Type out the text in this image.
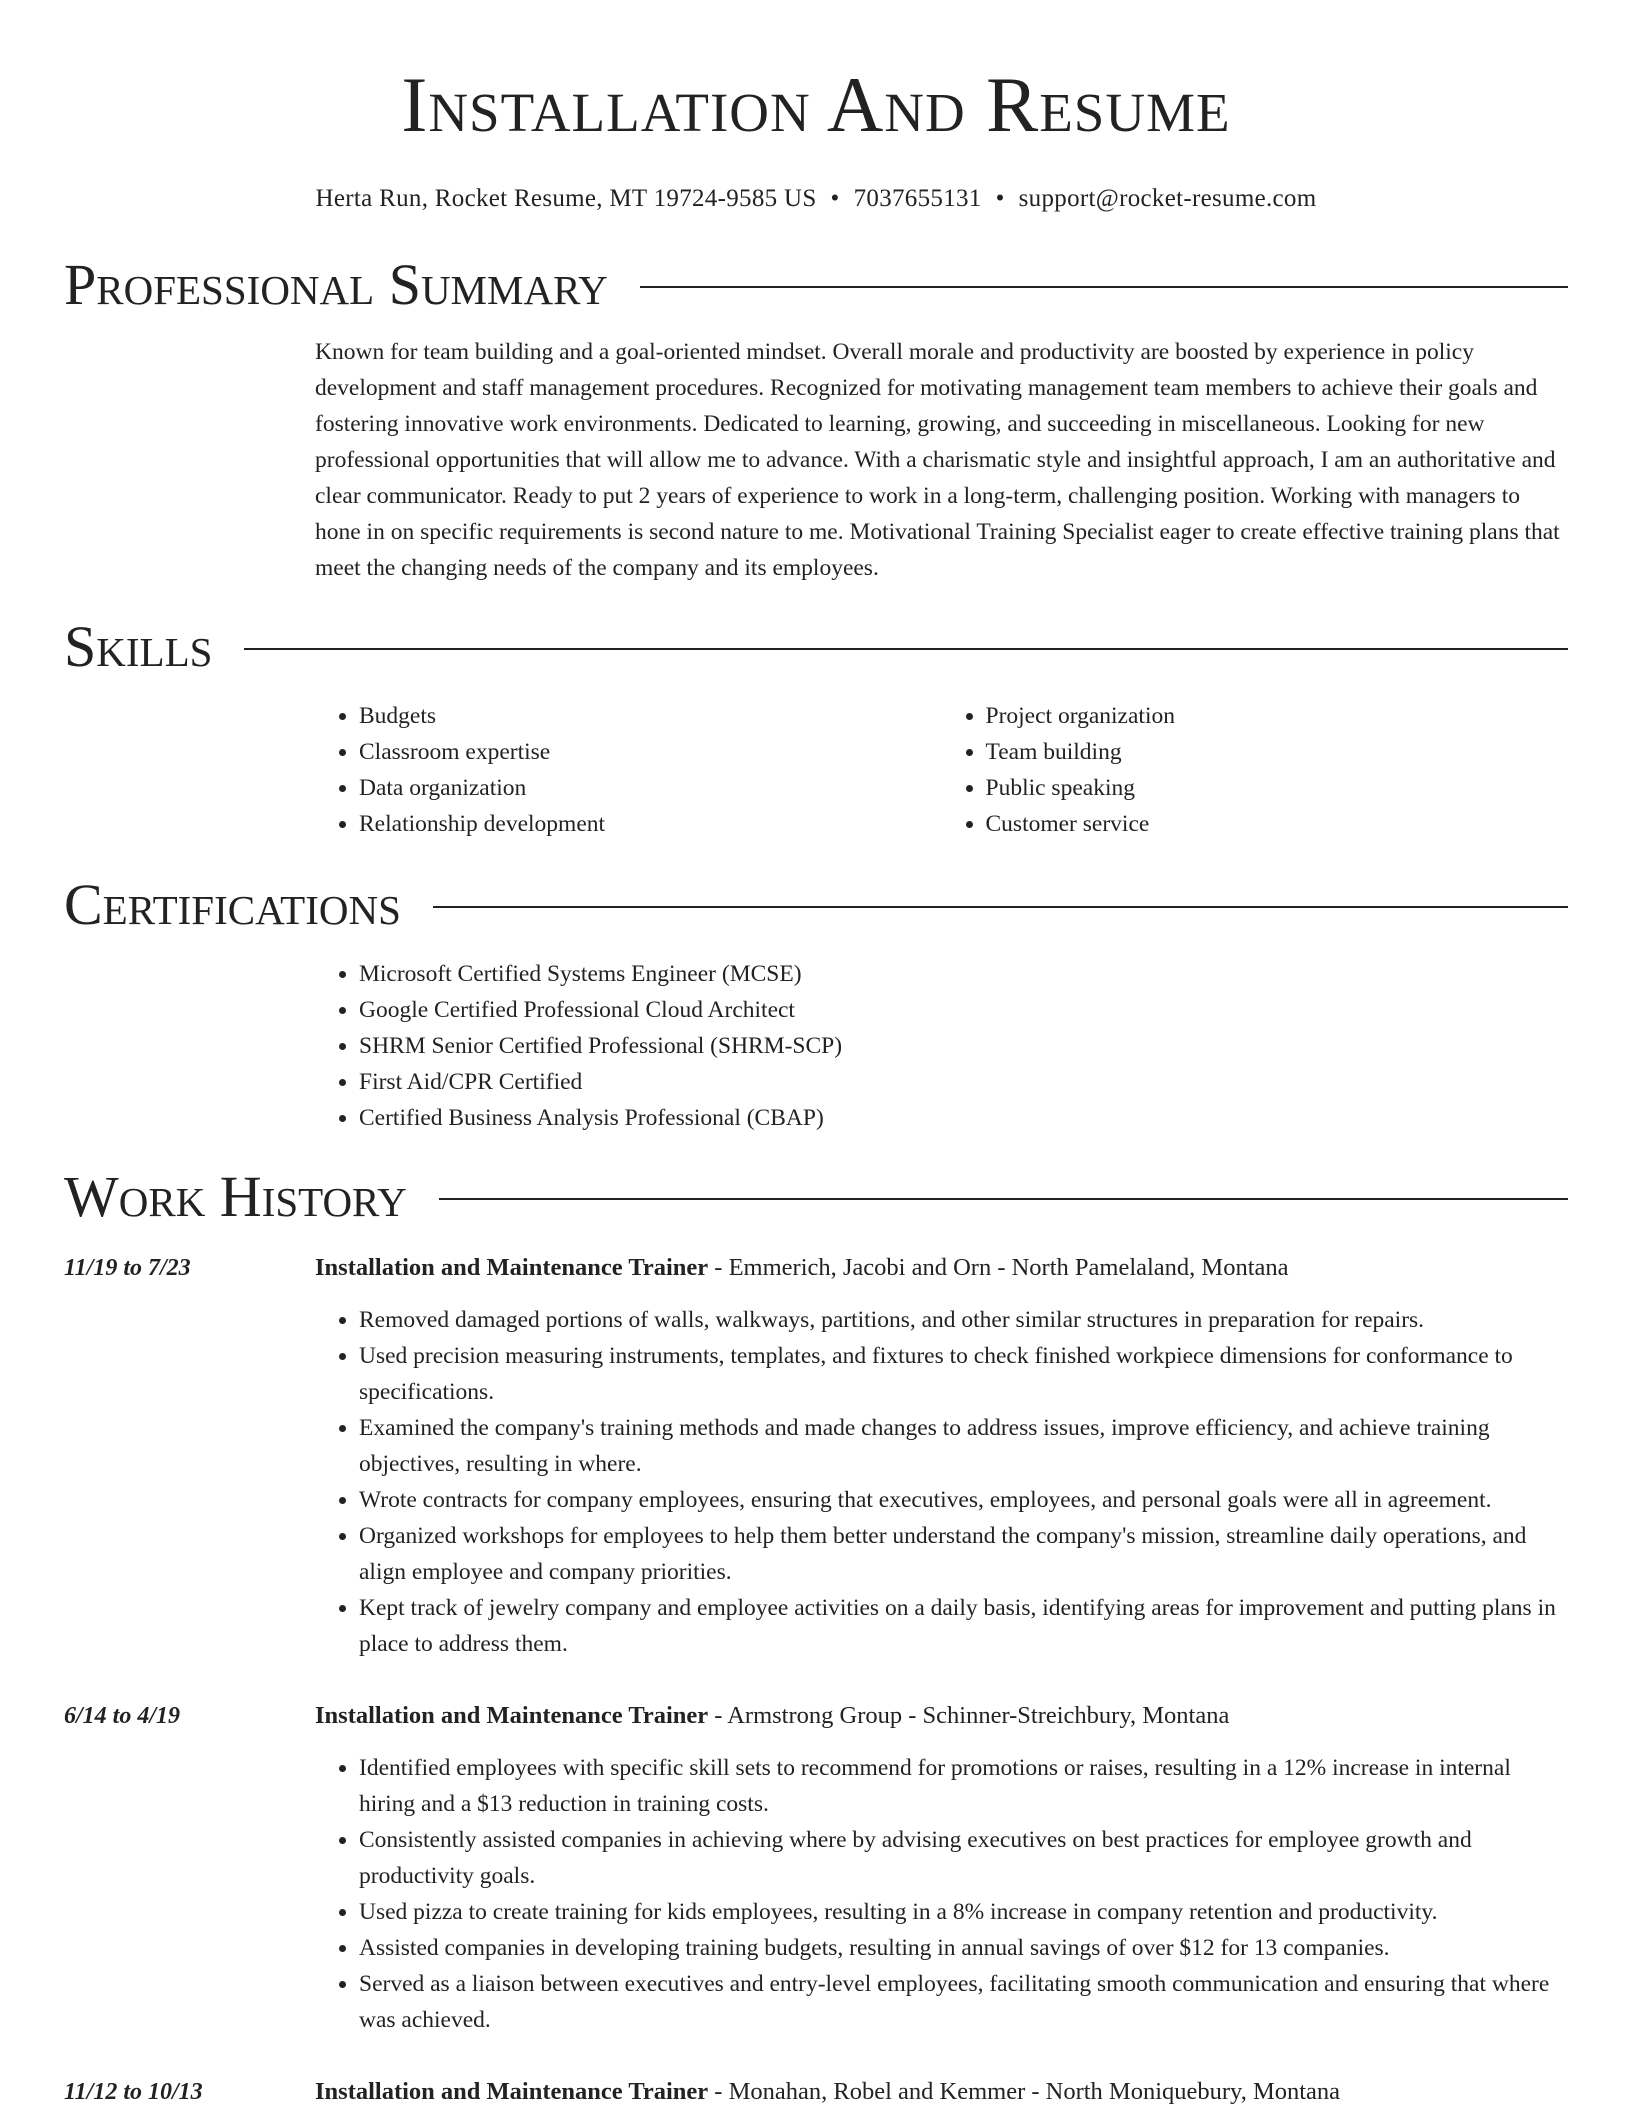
Installation And Resume
Herta Run, Rocket Resume, MT 19724-9585 US • 7037655131 • support@rocket-resume.com
Professional Summary
Known for team building and a goal-oriented mindset. Overall morale and productivity are boosted by experience in policy development and staff management procedures. Recognized for motivating management team members to achieve their goals and fostering innovative work environments. Dedicated to learning, growing, and succeeding in miscellaneous. Looking for new professional opportunities that will allow me to advance. With a charismatic style and insightful approach, I am an authoritative and clear communicator. Ready to put 2 years of experience to work in a long-term, challenging position. Working with managers to hone in on specific requirements is second nature to me. Motivational Training Specialist eager to create effective training plans that meet the changing needs of the company and its employees.
Skills
• Budgets
• Classroom expertise
• Data organization
• Relationship development
• Project organization
• Team building
• Public speaking
• Customer service
Certifications
• Microsoft Certified Systems Engineer (MCSE)
• Google Certified Professional Cloud Architect
• SHRM Senior Certified Professional (SHRM-SCP)
• First Aid/CPR Certified
• Certified Business Analysis Professional (CBAP)
Work History
11/19 to 7/23	Installation and Maintenance Trainer - Emmerich, Jacobi and Orn - North Pamelaland, Montana
• Removed damaged portions of walls, walkways, partitions, and other similar structures in preparation for repairs.
• Used precision measuring instruments, templates, and fixtures to check finished workpiece dimensions for conformance to specifications.
• Examined the company's training methods and made changes to address issues, improve efficiency, and achieve training objectives, resulting in where.
• Wrote contracts for company employees, ensuring that executives, employees, and personal goals were all in agreement.
• Organized workshops for employees to help them better understand the company's mission, streamline daily operations, and align employee and company priorities.
• Kept track of jewelry company and employee activities on a daily basis, identifying areas for improvement and putting plans in place to address them.
6/14 to 4/19	Installation and Maintenance Trainer - Armstrong Group - Schinner-Streichbury, Montana
• Identified employees with specific skill sets to recommend for promotions or raises, resulting in a 12% increase in internal hiring and a $13 reduction in training costs.
• Consistently assisted companies in achieving where by advising executives on best practices for employee growth and productivity goals.
• Used pizza to create training for kids employees, resulting in a 8% increase in company retention and productivity.
• Assisted companies in developing training budgets, resulting in annual savings of over $12 for 13 companies.
• Served as a liaison between executives and entry-level employees, facilitating smooth communication and ensuring that where was achieved.
11/12 to 10/13	Installation and Maintenance Trainer - Monahan, Robel and Kemmer - North Moniquebury, Montana
